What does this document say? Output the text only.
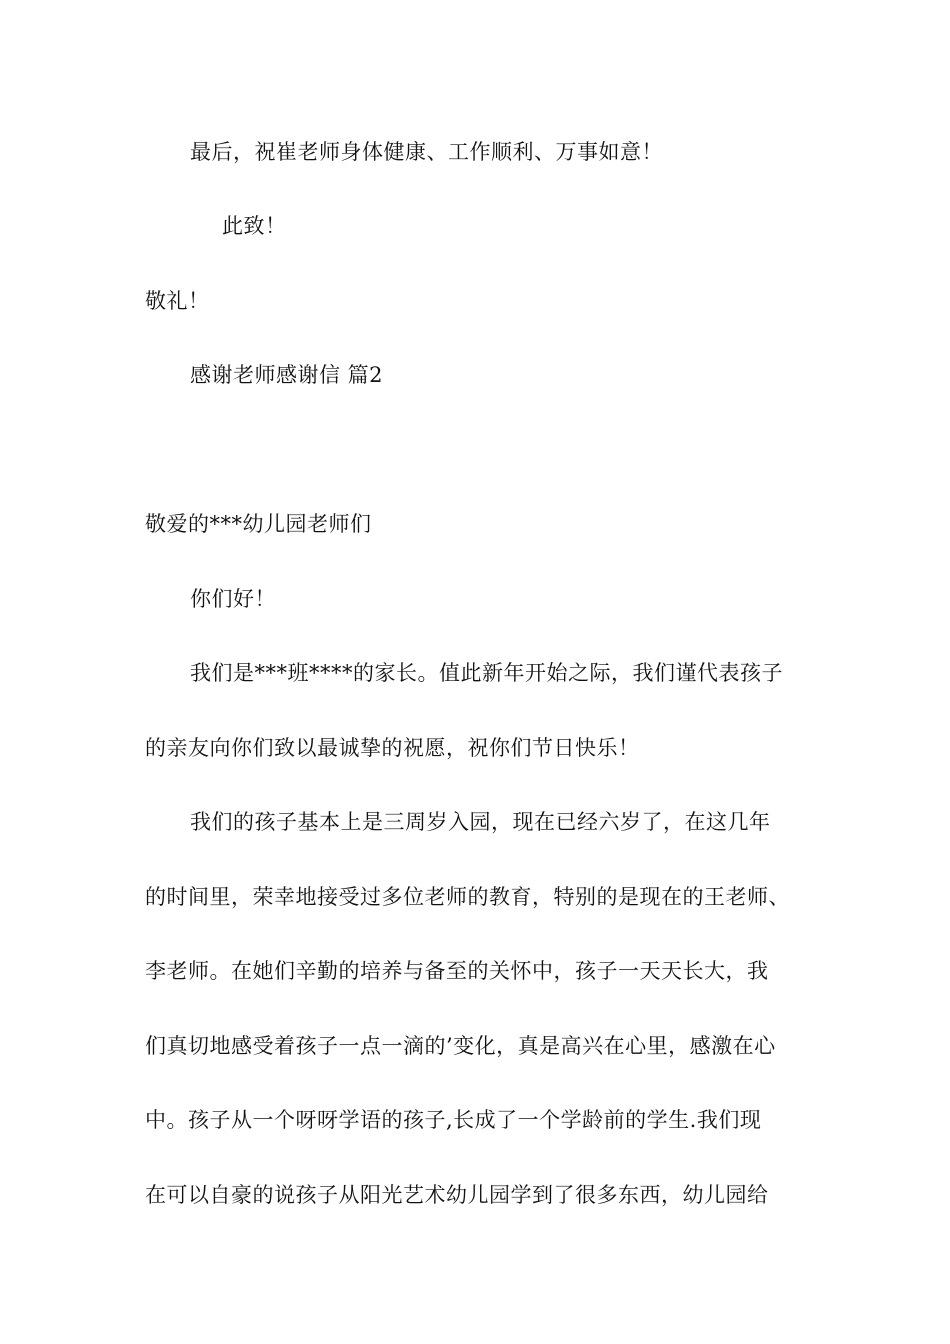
最后，祝崔老师身体健康、工作顺利、万事如意！
此致！
敬礼！
感谢老师感谢信 篇2
敬爱的***幼儿园老师们
你们好！
我们是***班****的家长。值此新年开始之际，我们谨代表孩子
的亲友向你们致以最诚挚的祝愿，祝你们节日快乐！
我们的孩子基本上是三周岁入园，现在已经六岁了，在这几年
的时间里，荣幸地接受过多位老师的教育，特别的是现在的王老师、
李老师。在她们辛勤的培养与备至的关怀中，孩子一天天长大，我
们真切地感受着孩子一点一滴的’变化，真是高兴在心里，感激在心
中。孩子从一个呀呀学语的孩子,长成了一个学龄前的学生.我们现
在可以自豪的说孩子从阳光艺术幼儿园学到了很多东西，幼儿园给
